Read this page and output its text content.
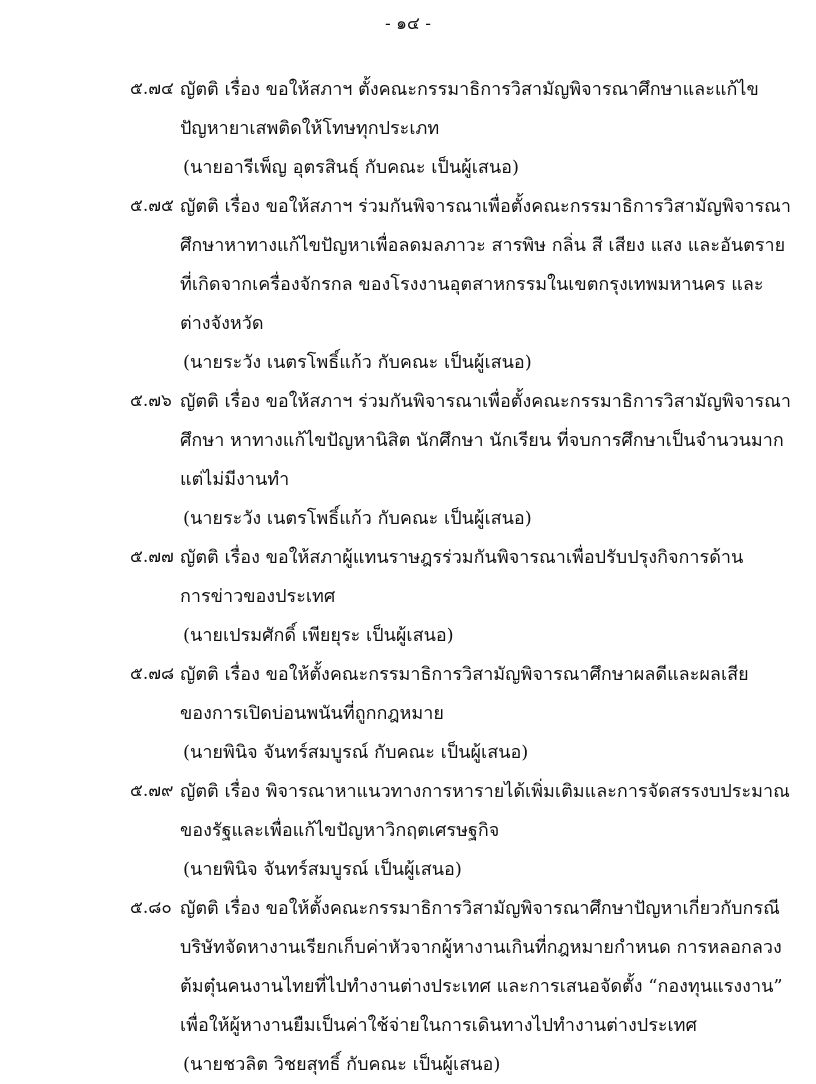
- ๑๔ -
๕.๗๔ ญัตติ เรื่อง ขอให้สภาฯ ตั้งคณะกรรมาธิการวิสามัญพิจารณาศึกษาและแก้ไข
ปัญหายาเสพติดให้โทษทุกประเภท
(นายอารีเพ็ญ อุตรสินธุ์ กับคณะ เป็นผู้เสนอ)
๕.๗๕ ญัตติ เรื่อง ขอให้สภาฯ ร่วมกันพิจารณาเพื่อตั้งคณะกรรมาธิการวิสามัญพิจารณา
ศึกษาหาทางแก้ไขปัญหาเพื่อลดมลภาวะ สารพิษ กลิ่น สี เสียง แสง และอันตราย
ที่เกิดจากเครื่องจักรกล ของโรงงานอุตสาหกรรมในเขตกรุงเทพมหานคร และ
ต่างจังหวัด
(นายระวัง เนตรโพธิ์แก้ว กับคณะ เป็นผู้เสนอ)
๕.๗๖ ญัตติ เรื่อง ขอให้สภาฯ ร่วมกันพิจารณาเพื่อตั้งคณะกรรมาธิการวิสามัญพิจารณา
ศึกษา หาทางแก้ไขปัญหานิสิต นักศึกษา นักเรียน ที่จบการศึกษาเป็นจำนวนมาก
แต่ไม่มีงานทำ
(นายระวัง เนตรโพธิ์แก้ว กับคณะ เป็นผู้เสนอ)
๕.๗๗ ญัตติ เรื่อง ขอให้สภาผู้แทนราษฎรร่วมกันพิจารณาเพื่อปรับปรุงกิจการด้าน
การข่าวของประเทศ
(นายเปรมศักดิ์ เพียยุระ เป็นผู้เสนอ)
๕.๗๘ ญัตติ เรื่อง ขอให้ตั้งคณะกรรมาธิการวิสามัญพิจารณาศึกษาผลดีและผลเสีย
ของการเปิดบ่อนพนันที่ถูกกฎหมาย
(นายพินิจ จันทร์สมบูรณ์ กับคณะ เป็นผู้เสนอ)
๕.๗๙ ญัตติ เรื่อง พิจารณาหาแนวทางการหารายได้เพิ่มเติมและการจัดสรรงบประมาณ
ของรัฐและเพื่อแก้ไขปัญหาวิกฤตเศรษฐกิจ
(นายพินิจ จันทร์สมบูรณ์ เป็นผู้เสนอ)
๕.๘๐ ญัตติ เรื่อง ขอให้ตั้งคณะกรรมาธิการวิสามัญพิจารณาศึกษาปัญหาเกี่ยวกับกรณี
บริษัทจัดหางานเรียกเก็บค่าหัวจากผู้หางานเกินที่กฎหมายกำหนด การหลอกลวง
ต้มตุ๋นคนงานไทยที่ไปทำงานต่างประเทศ และการเสนอจัดตั้ง “กองทุนแรงงาน”
เพื่อให้ผู้หางานยืมเป็นค่าใช้จ่ายในการเดินทางไปทำงานต่างประเทศ
(นายชวลิต วิชยสุทธิ์ กับคณะ เป็นผู้เสนอ)
